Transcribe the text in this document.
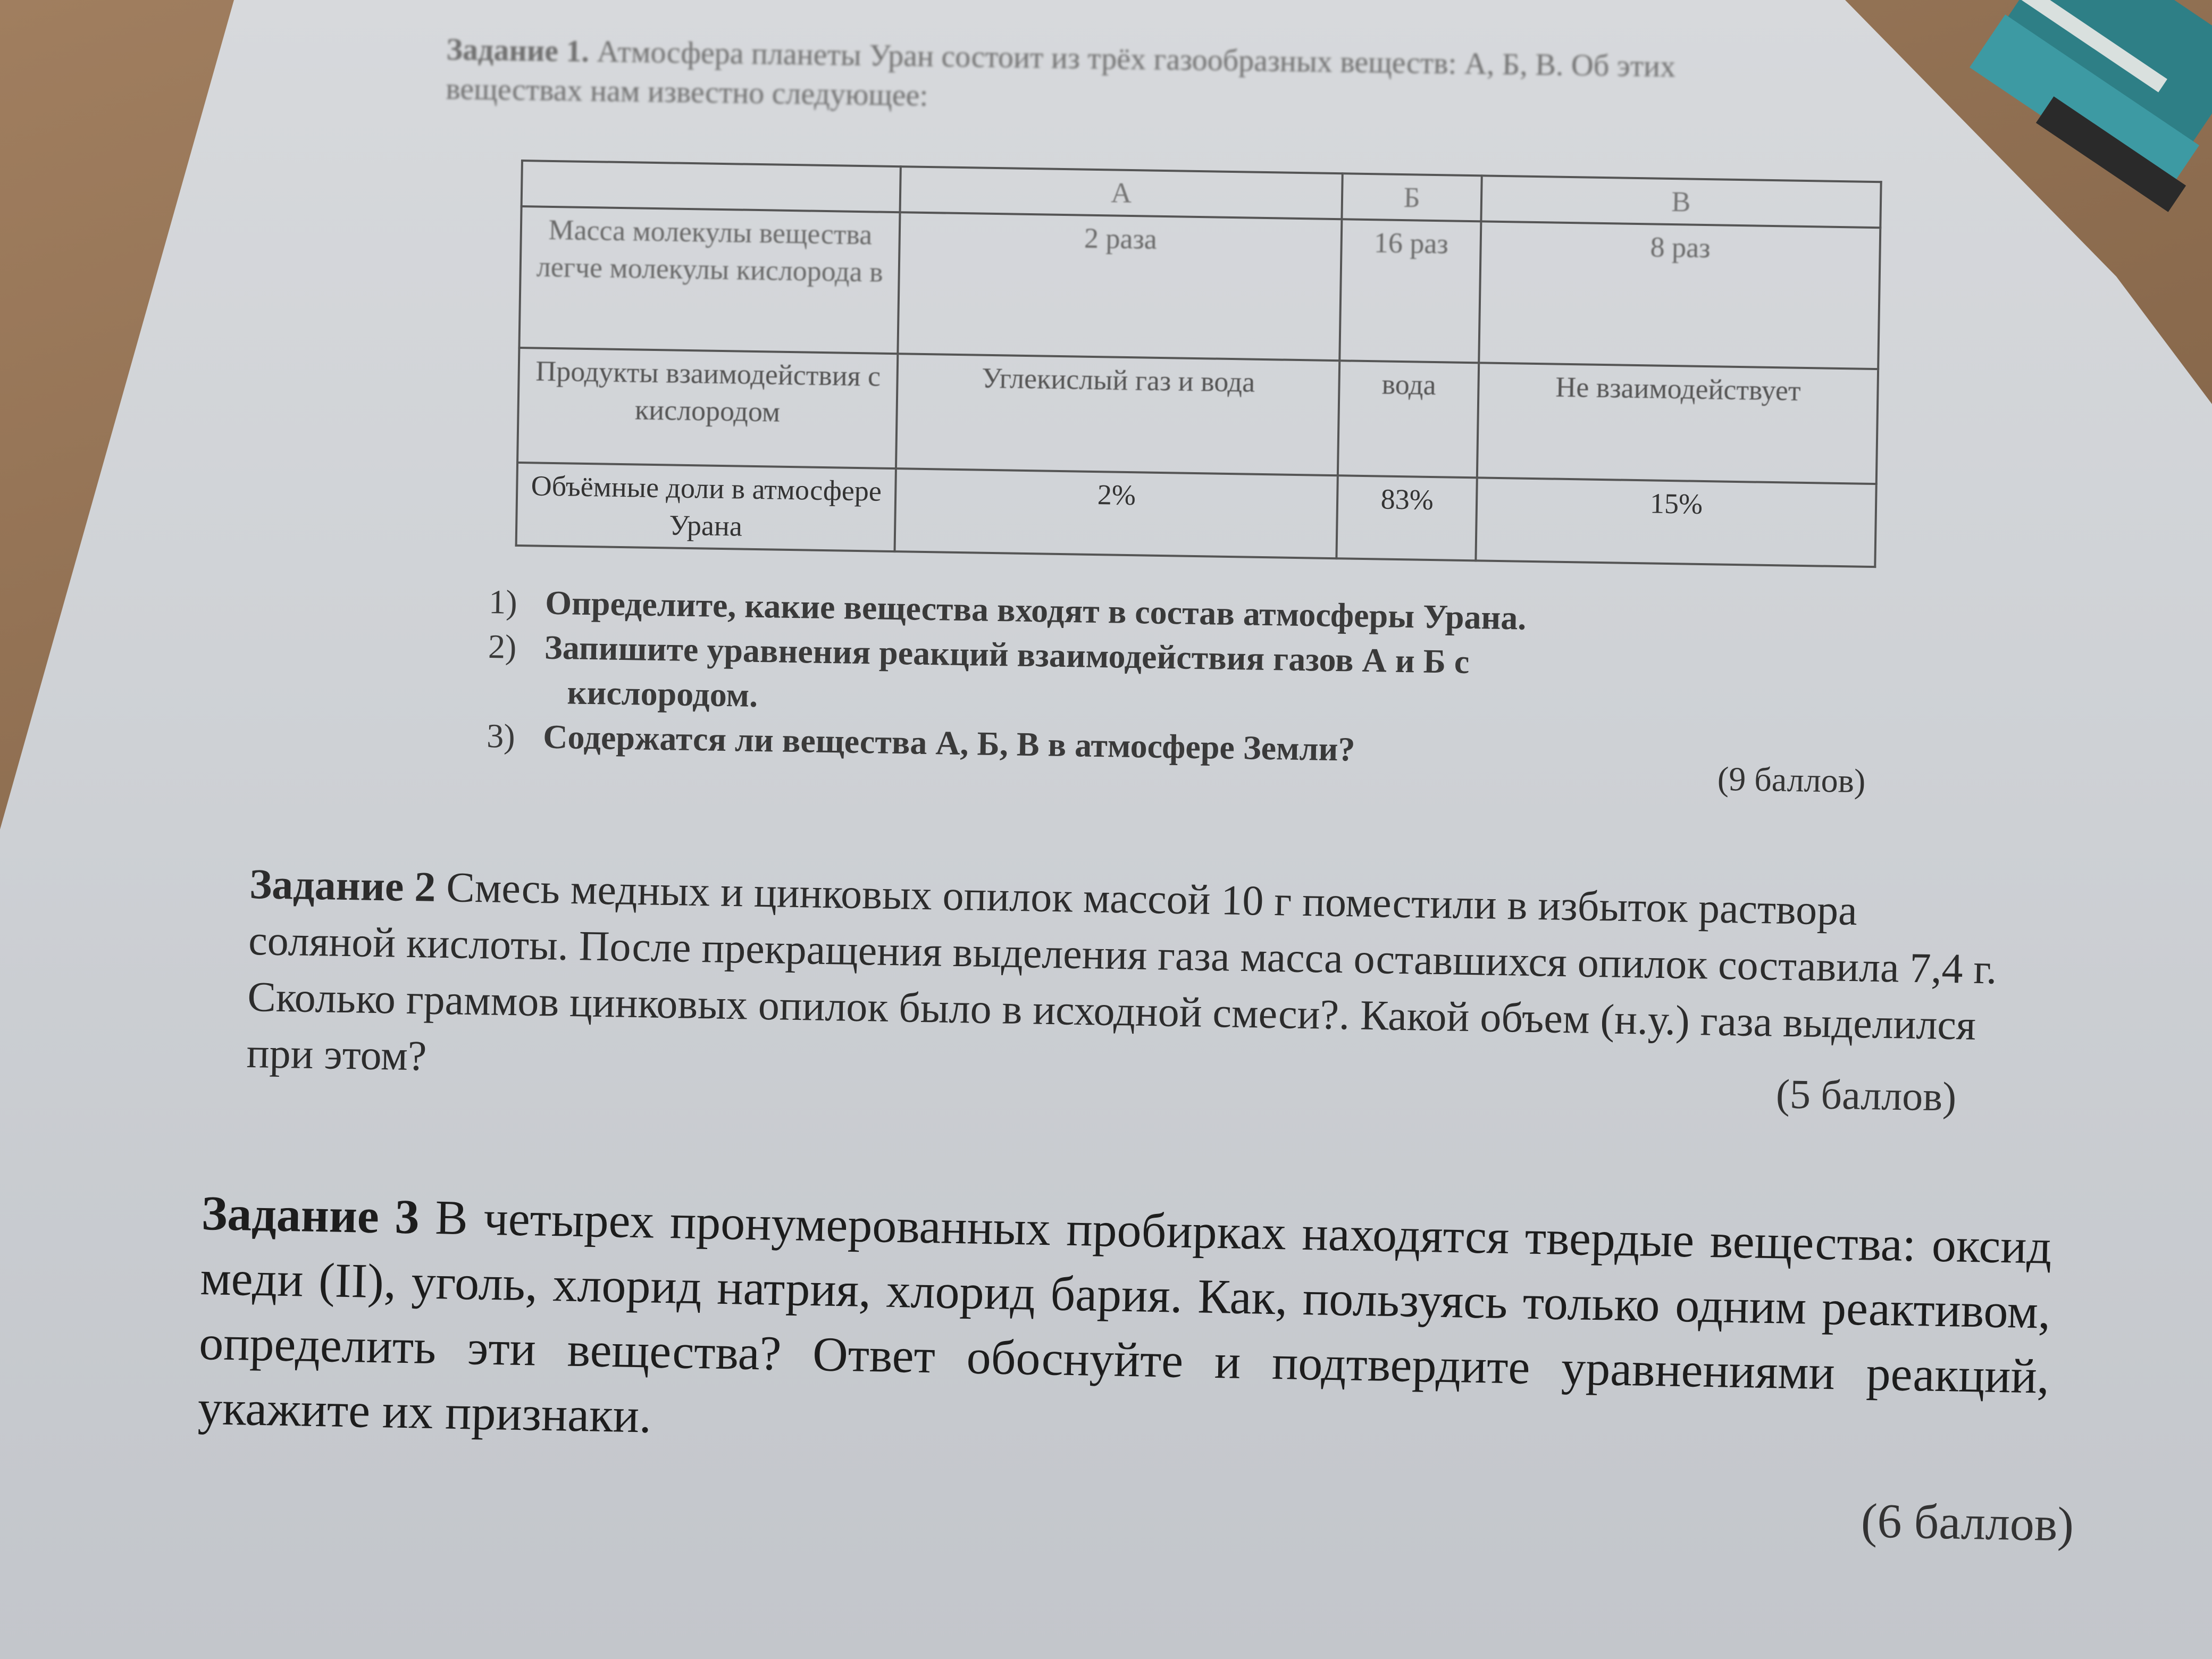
Задание 1. Атмосфера планеты Уран состоит из трёх газообразных веществ: А, Б, В. Об этих веществах нам известно следующее:
	А	Б	В
Масса молекулы вещества легче молекулы кислорода в	2 раза	16 раз	8 раз
Продукты взаимодействия с кислородом	Углекислый газ и вода	вода	Не взаимодействует
Объёмные доли в атмосфере Урана	2%	83%	15%
1) Определите, какие вещества входят в состав атмосферы Урана.
2) Запишите уравнения реакций взаимодействия газов А и Б с
кислородом.
3) Содержатся ли вещества А, Б, В в атмосфере Земли?
(9 баллов)
Задание 2 Смесь медных и цинковых опилок массой 10 г поместили в избыток раствора соляной кислоты. После прекращения выделения газа масса оставшихся опилок составила 7,4 г. Сколько граммов цинковых опилок было в исходной смеси?. Какой объем (н.у.) газа выделился при этом?
(5 баллов)
Задание 3 В четырех пронумерованных пробирках находятся твердые вещества: оксид меди (II), уголь, хлорид натрия, хлорид бария. Как, пользуясь только одним реактивом, определить эти вещества? Ответ обоснуйте и подтвердите уравнениями реакций, укажите их признаки.
(6 баллов)
